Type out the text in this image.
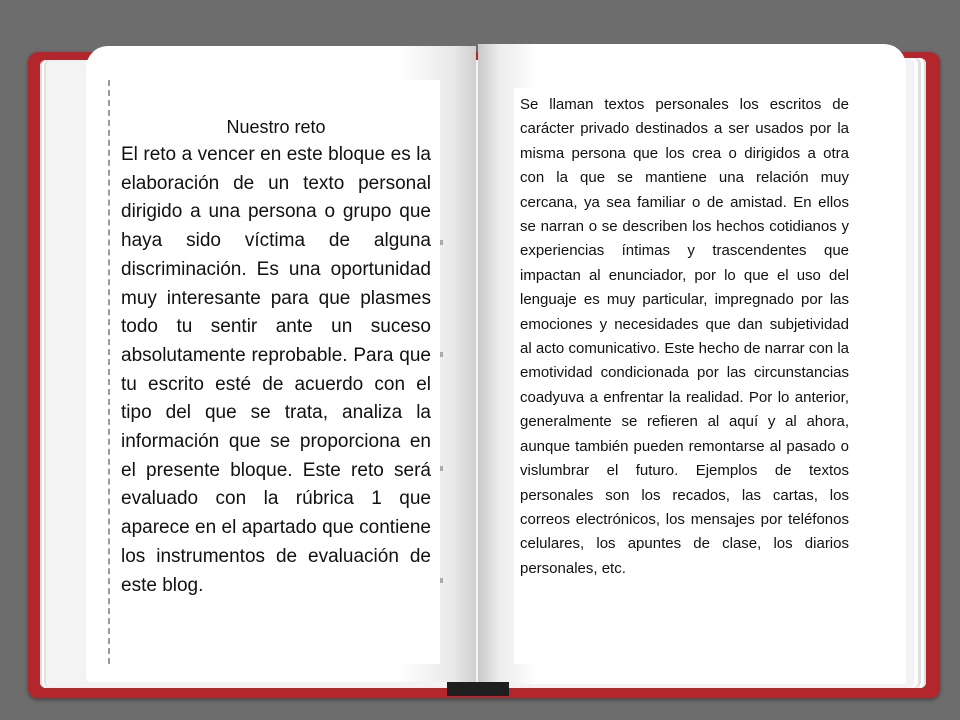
Nuestro reto

El reto a vencer en este bloque es la elaboración de un texto personal dirigido a una persona o grupo que haya sido víctima de alguna discriminación. Es una oportunidad muy interesante para que plasmes todo tu sentir ante un suceso absolutamente reprobable. Para que tu escrito esté de acuerdo con el tipo del que se trata, analiza la información que se proporciona en el presente bloque. Este reto será evaluado con la rúbrica 1 que aparece en el apartado que contiene los instrumentos de evaluación de este blog.

Se llaman textos personales los escritos de carácter privado destinados a ser usados por la misma persona que los crea o dirigidos a otra con la que se mantiene una relación muy cercana, ya sea familiar o de amistad. En ellos se narran o se describen los hechos cotidianos y experiencias íntimas y trascendentes que impactan al enunciador, por lo que el uso del lenguaje es muy particular, impregnado por las emociones y necesidades que dan subjetividad al acto comunicativo. Este hecho de narrar con la emotividad condicionada por las circunstancias coadyuva a enfrentar la realidad. Por lo anterior, generalmente se refieren al aquí y al ahora, aunque también pueden remontarse al pasado o vislumbrar el futuro. Ejemplos de textos personales son los recados, las cartas, los correos electrónicos, los mensajes por teléfonos celulares, los apuntes de clase, los diarios personales, etc.
